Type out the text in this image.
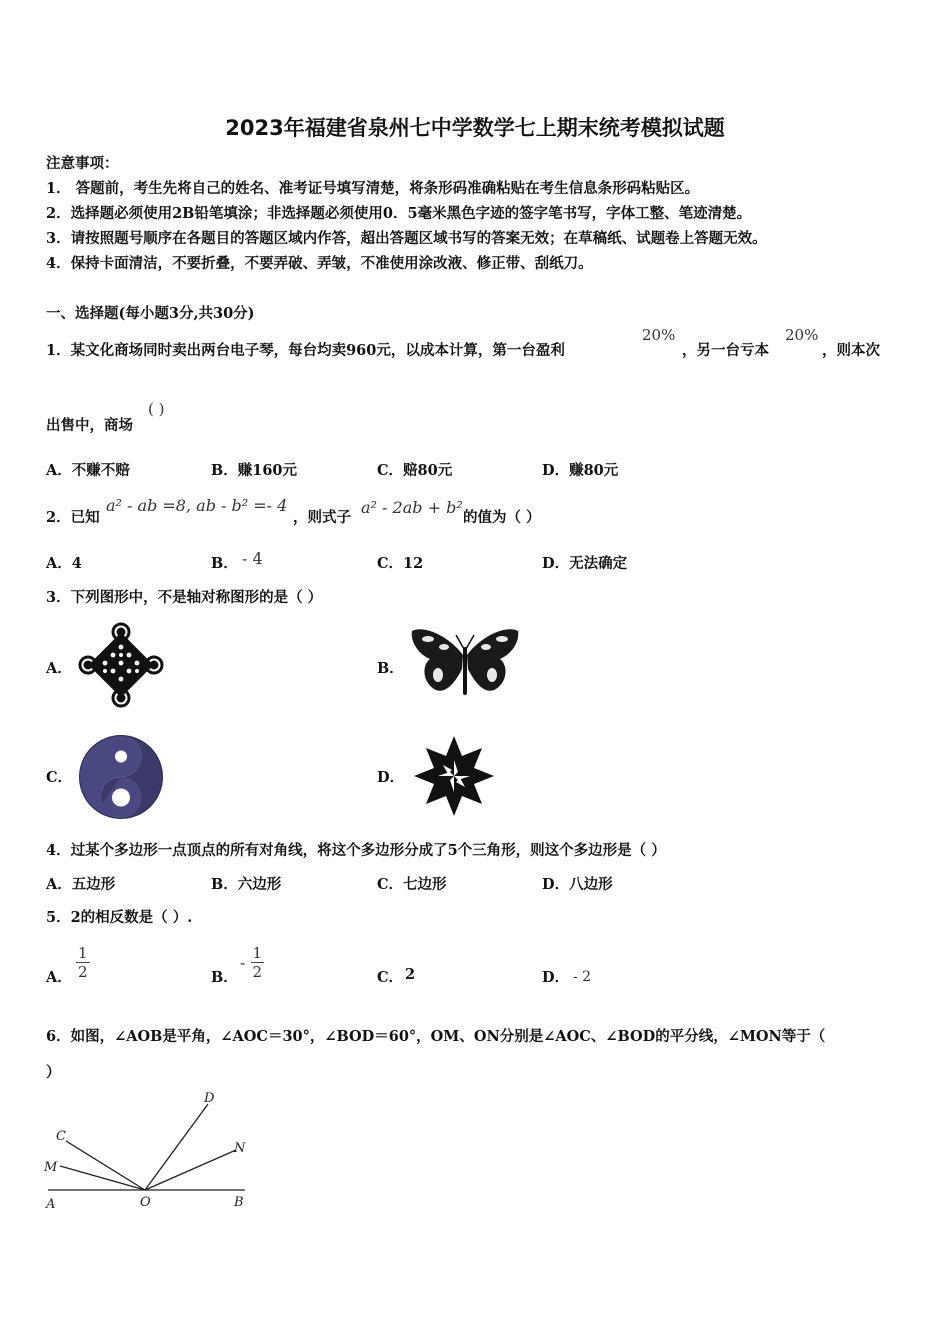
2023年福建省泉州七中学数学七上期末统考模拟试题
注意事项：
1． 答题前，考生先将自己的姓名、准考证号填写清楚，将条形码准确粘贴在考生信息条形码粘贴区。
2．选择题必须使用2B铅笔填涂；非选择题必须使用0．5毫米黑色字迹的签字笔书写，字体工整、笔迹清楚。
3．请按照题号顺序在各题目的答题区域内作答，超出答题区域书写的答案无效；在草稿纸、试题卷上答题无效。
4．保持卡面清洁，不要折叠，不要弄破、弄皱，不准使用涂改液、修正带、刮纸刀。
一、选择题(每小题3分,共30分)
1．某文化商场同时卖出两台电子琴，每台均卖960元，以成本计算，第一台盈利
20%
，另一台亏本
20%
，则本次
出售中，商场
( )
A．不赚不赔	B．赚160元	C．赔80元	D．赚80元
2．已知
a² - ab =8, ab - b² =- 4
，则式子
a² - 2ab + b²
的值为（ ）
A．4	B． - 4	C．12	D．无法确定
3．下列图形中，不是轴对称图形的是（ ）
A．	B．
C．	D．
4．过某个多边形一点顶点的所有对角线，将这个多边形分成了5个三角形，则这个多边形是（ ）
A．五边形	B．六边形	C．七边形	D．八边形
5．2的相反数是（ ）.
A． $\frac{1}{2}$	B．
- $\frac{1}{2}$	C． 2	D． - 2
6．如图，∠AOB是平角，∠AOC＝30°，∠BOD＝60°，OM、ON分别是∠AOC、∠BOD的平分线，∠MON等于（
）
A	O	B
C
M
D
N
